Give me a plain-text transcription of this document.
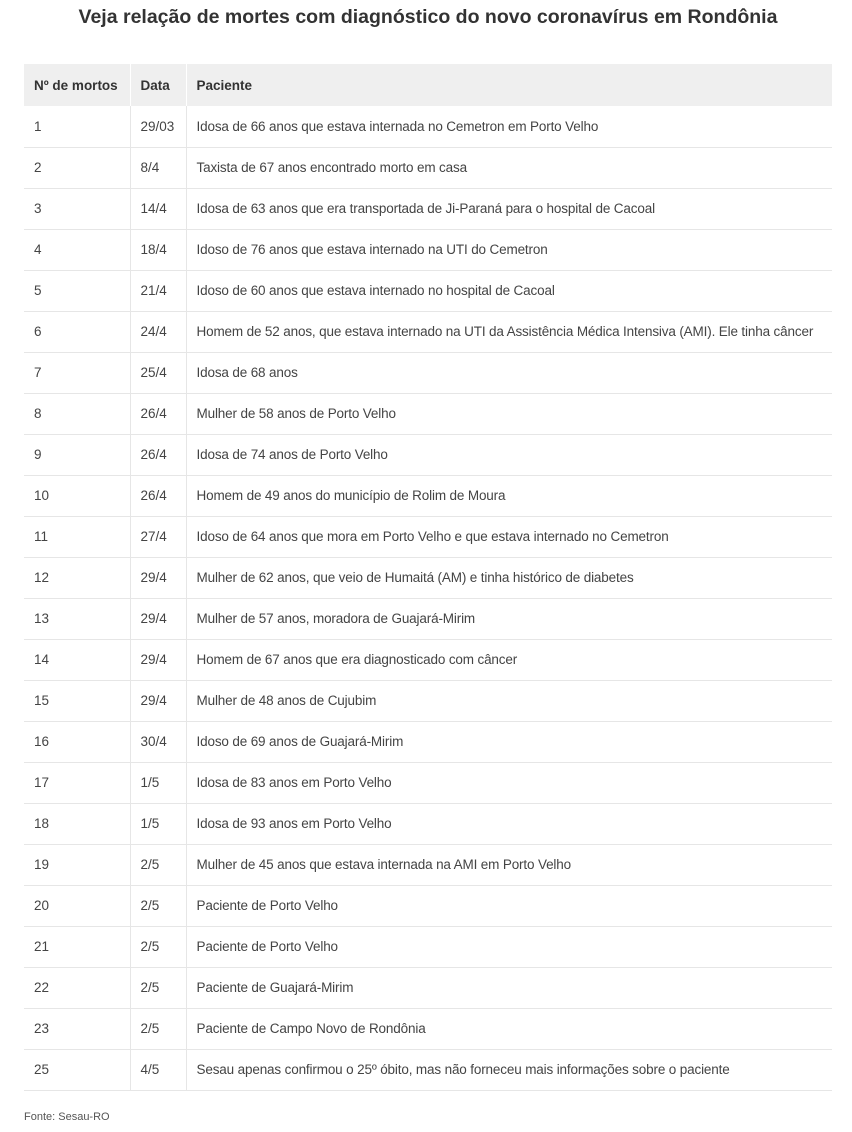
Veja relação de mortes com diagnóstico do novo coronavírus em Rondônia
Nº de mortos	Data	Paciente
1	29/03	Idosa de 66 anos que estava internada no Cemetron em Porto Velho
2	8/4	Taxista de 67 anos encontrado morto em casa
3	14/4	Idosa de 63 anos que era transportada de Ji-Paraná para o hospital de Cacoal
4	18/4	Idoso de 76 anos que estava internado na UTI do Cemetron
5	21/4	Idoso de 60 anos que estava internado no hospital de Cacoal
6	24/4	Homem de 52 anos, que estava internado na UTI da Assistência Médica Intensiva (AMI). Ele tinha câncer
7	25/4	Idosa de 68 anos
8	26/4	Mulher de 58 anos de Porto Velho
9	26/4	Idosa de 74 anos de Porto Velho
10	26/4	Homem de 49 anos do município de Rolim de Moura
11	27/4	Idoso de 64 anos que mora em Porto Velho e que estava internado no Cemetron
12	29/4	Mulher de 62 anos, que veio de Humaitá (AM) e tinha histórico de diabetes
13	29/4	Mulher de 57 anos, moradora de Guajará-Mirim
14	29/4	Homem de 67 anos que era diagnosticado com câncer
15	29/4	Mulher de 48 anos de Cujubim
16	30/4	Idoso de 69 anos de Guajará-Mirim
17	1/5	Idosa de 83 anos em Porto Velho
18	1/5	Idosa de 93 anos em Porto Velho
19	2/5	Mulher de 45 anos que estava internada na AMI em Porto Velho
20	2/5	Paciente de Porto Velho
21	2/5	Paciente de Porto Velho
22	2/5	Paciente de Guajará-Mirim
23	2/5	Paciente de Campo Novo de Rondônia
25	4/5	Sesau apenas confirmou o 25º óbito, mas não forneceu mais informações sobre o paciente
Fonte: Sesau-RO
